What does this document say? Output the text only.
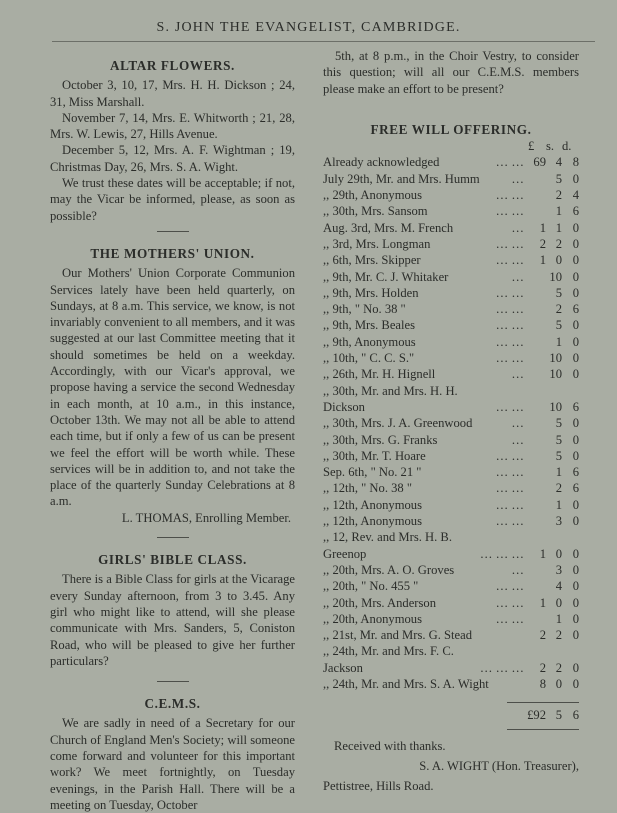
S. JOHN THE EVANGELIST, CAMBRIDGE.

ALTAR FLOWERS.

October 3, 10, 17, Mrs. H. H. Dickson ; 24, 31, Miss Marshall.

November 7, 14, Mrs. E. Whitworth ; 21, 28, Mrs. W. Lewis, 27, Hills Avenue.

December 5, 12, Mrs. A. F. Wightman ; 19, Christmas Day, 26, Mrs. S. A. Wight.

We trust these dates will be acceptable; if not, may the Vicar be informed, please, as soon as possible?

THE MOTHERS' UNION.

Our Mothers' Union Corporate Communion Services lately have been held quarterly, on Sundays, at 8 a.m. This service, we know, is not invariably convenient to all members, and it was suggested at our last Committee meeting that it should sometimes be held on a weekday. Accordingly, with our Vicar's approval, we propose having a service the second Wednesday in each month, at 10 a.m., in this instance, October 13th. We may not all be able to attend each time, but if only a few of us can be present we feel the effort will be worth while. These services will be in addition to, and not take the place of the quarterly Sunday Celebrations at 8 a.m.

L. THOMAS, Enrolling Member.

GIRLS' BIBLE CLASS.

There is a Bible Class for girls at the Vicarage every Sunday afternoon, from 3 to 3.45. Any girl who might like to attend, will she please communicate with Mrs. Sanders, 5, Coniston Road, who will be pleased to give her further particulars?

C.E.M.S.

We are sadly in need of a Secretary for our Church of England Men's Society; will someone come forward and volunteer for this important work? We meet fortnightly, on Tuesday evenings, in the Parish Hall. There will be a meeting on Tuesday, October

5th, at 8 p.m., in the Choir Vestry, to consider this question; will all our C.E.M.S. members please make an effort to be present?

FREE WILL OFFERING.

£ s. d.
Already acknowledged	… … 69 4 8
July 29th, Mr. and Mrs. Humm	…	5 0
,, 29th, Anonymous	… …	2 4
,, 30th, Mrs. Sansom	… …	1 6
Aug. 3rd, Mrs. M. French	…	1 1 0
,, 3rd, Mrs. Longman	… …	2 2 0
,, 6th, Mrs. Skipper	… …	1 0 0
,, 9th, Mr. C. J. Whitaker	…	10 0
,, 9th, Mrs. Holden	… …	5 0
,, 9th, " No. 38 "	… …	2 6
,, 9th, Mrs. Beales	… …	5 0
,, 9th, Anonymous	… …	1 0
,, 10th, " C. C. S."	… …	10 0
,, 26th, Mr. H. Hignell	…	10 0
,, 30th, Mr. and Mrs. H. H. Dickson	… …	10 6
,, 30th, Mrs. J. A. Greenwood	…	5 0
,, 30th, Mrs. G. Franks	…	5 0
,, 30th, Mr. T. Hoare	… …	5 0
Sep. 6th, " No. 21 "	… …	1 6
,, 12th, " No. 38 "	… …	2 6
,, 12th, Anonymous	… …	1 0
,, 12th, Anonymous	… …	3 0
,, 12, Rev. and Mrs. H. B. Greenop	… … …	1 0 0
,, 20th, Mrs. A. O. Groves	…	3 0
,, 20th, " No. 455 "	… …	4 0
,, 20th, Mrs. Anderson	… …	1 0 0
,, 20th, Anonymous	… …	1 0
,, 21st, Mr. and Mrs. G. Stead	2 2 0
,, 24th, Mr. and Mrs. F. C. Jackson	… … …	2 2 0
,, 24th, Mr. and Mrs. S. A. Wight	8 0 0
£92 5 6

Received with thanks.

S. A. WIGHT (Hon. Treasurer),

Pettistree, Hills Road.
